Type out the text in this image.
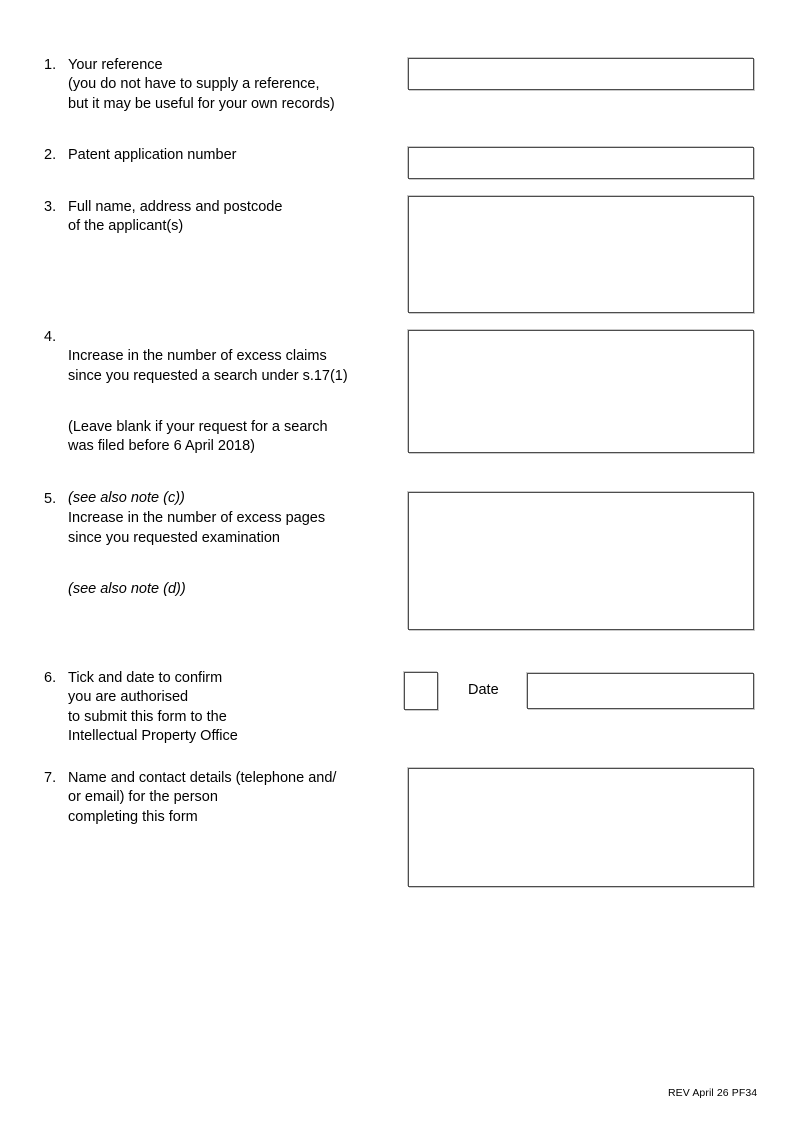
1. Your reference
(you do not have to supply a reference,
but it may be useful for your own records)
2. Patent application number
3. Full name, address and postcode
of the applicant(s)
4.

Increase in the number of excess claims
since you requested a search under s.17(1)

(Leave blank if your request for a search
was filed before 6 April 2018)

(see also note (c))

5.

Increase in the number of excess pages
since you requested examination

(see also note (d))

6. Tick and date to confirm
you are authorised
to submit this form to the
Intellectual Property Office
Date
7. Name and contact details (telephone and/
or email) for the person
completing this form
REV April 26 PF34
